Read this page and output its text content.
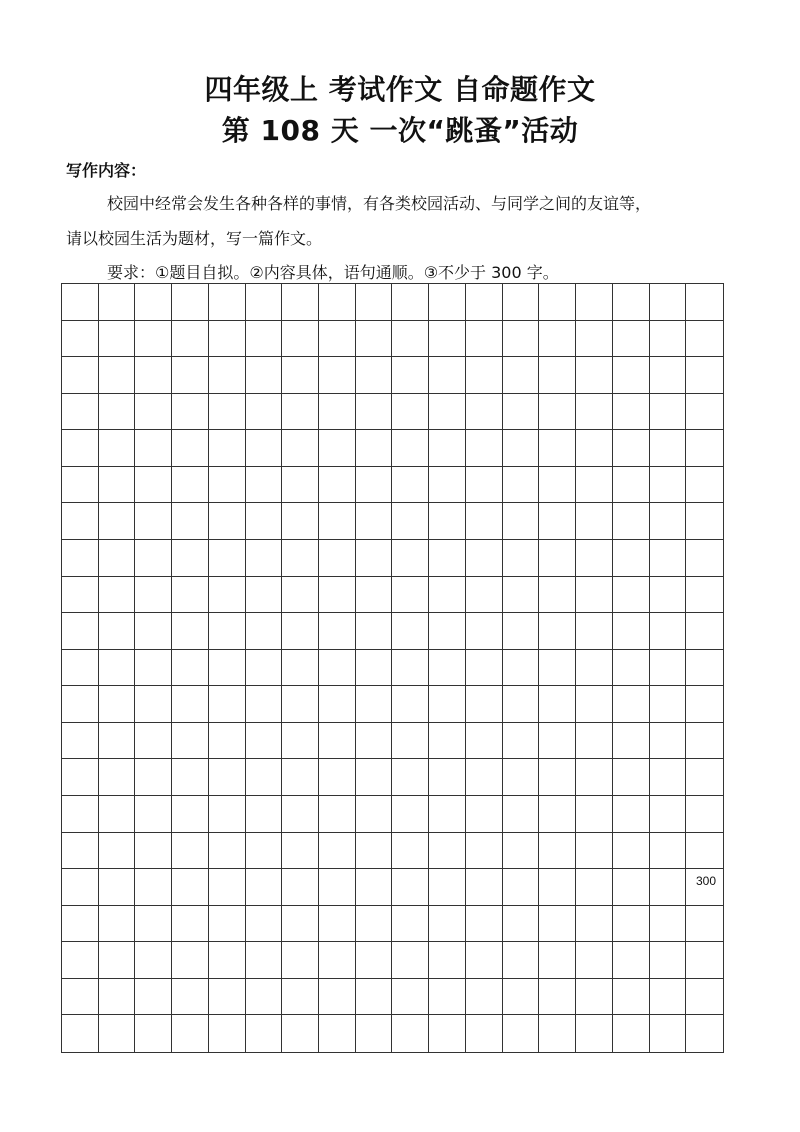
四年级上 考试作文 自命题作文
第 108 天 一次“跳蚤”活动
写作内容：
校园中经常会发生各种各样的事情，有各类校园活动、与同学之间的友谊等，
请以校园生活为题材，写一篇作文。
要求：①题目自拟。②内容具体，语句通顺。③不少于 300 字。
300
